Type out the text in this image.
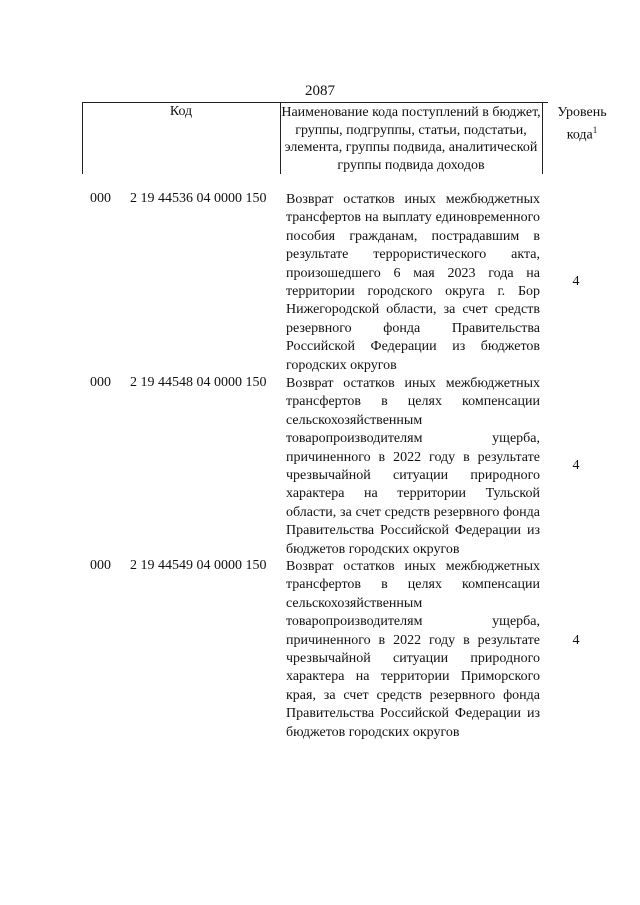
2087
Код	Наименование кода поступлений в бюджет, группы, подгруппы, статьи, подстатьи, элемента, группы подвида, аналитической группы подвида доходов
Уровень кода$^1$
000 2 19 44536 04 0000 150 Возврат остатков иных межбюджетных трансфертов на выплату единовременного пособия гражданам, пострадавшим в результате террористического акта, произошедшего 6 мая 2023 года на территории городского округа г. Бор Нижегородской области, за счет средств резервного фонда Правительства Российской Федерации из бюджетов городских округов
4
000 2 19 44548 04 0000 150 Возврат остатков иных межбюджетных трансфертов в целях компенсации сельскохозяйственным товаропроизводителям ущерба, причиненного в 2022 году в результате чрезвычайной ситуации природного характера на территории Тульской области, за счет средств резервного фонда Правительства Российской Федерации из бюджетов городских округов
4
000 2 19 44549 04 0000 150 Возврат остатков иных межбюджетных трансфертов в целях компенсации сельскохозяйственным товаропроизводителям ущерба, причиненного в 2022 году в результате чрезвычайной ситуации природного характера на территории Приморского края, за счет средств резервного фонда Правительства Российской Федерации из бюджетов городских округов
4
